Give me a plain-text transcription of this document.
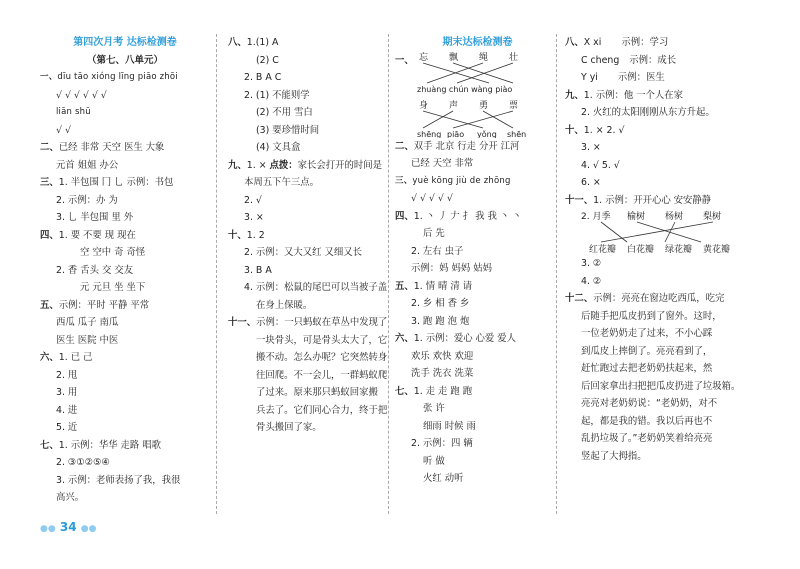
第四次月考 达标检测卷
（第七、八单元）
一、dīu tāo xióng līng piāo zhōi
√ √ √ √ √ √
liān shū
√ √
二、已经 非常 天空 医生 大象
元首 姐姐 办公
三、1. 半包围 冂 乚 示例：书包
2. 示例：办 为
3. 乚 半包围 里 外
四、1. 要 不要 现 现在
空 空中 奇 奇怪
2. 香 舌头 交 交友
元 元旦 坐 坐下
五、示例：平时 平静 平常
西瓜 瓜子 南瓜
医生 医院 中医
六、1. 已 己
2. 甩
3. 用
4. 进
5. 近
七、1. 示例：华华 走路 唱歌
2. ③①②⑤④
3. 示例：老师表扬了我，我很
高兴。
八、1.(1) A
(2) C
2. B A C
2. (1) 不能则学
(2) 不用 雪白
(3) 要珍惜时间
(4) 文具盒
九、1. × 点拨：家长会打开的时间是
本周五下午三点。
2. √
3. ×
十、1. 2
2. 示例：又大又红 又细又长
3. B A
4. 示例：松鼠的尾巴可以当被子盖
在身上保暖。
十一、示例：一只蚂蚁在草丛中发现了
一块骨头，可是骨头太大了，它
搬不动。怎么办呢？它突然转身
往回爬。不一会儿，一群蚂蚁爬
了过来。原来那只蚂蚁回家搬
兵去了。它们同心合力，终于把
骨头搬回了家。
期末达标检测卷
一、 忘 飘 绳 壮
zhuàng chún wàng piào
身 声 勇 票
shēng piāo yǒng shēn
二、双手 北京 行走 分开 江河
已经 天空 非常
三、yuè kōng jiù de zhōng
√ √ √ √ √
四、1. 丶 丿 𠂇 扌 我 我 丶 丶
后 先
2. 左右 虫子
示例：妈 妈妈 姑妈
五、1. 情 晴 清 请
2. 乡 相 香 乡
3. 跑 跑 泡 炮
六、1. 示例：爱心 心爱 爱人
欢乐 欢快 欢迎
洗手 洗衣 洗菜
七、1. 走 走 跑 跑
张 许
细雨 时候 雨
2. 示例：四 辆
听 做
火红 动听
八、X xi 示例：学习
C cheng 示例：成长
Y yi 示例：医生
九、1. 示例：他 一个人在家
2. 火红的太阳刚刚从东方升起。
十、1. × 2. √
3. ×
4. √ 5. √
6. ×
十一、1. 示例：开开心心 安安静静
2. 月季 榆树 杨树 梨树
红花瓣 白花瓣 绿花瓣 黄花瓣
3. ②
4. ②
十二、示例：亮亮在窗边吃西瓜，吃完
后随手把瓜皮扔到了窗外。这时，
一位老奶奶走了过来，不小心踩
到瓜皮上摔倒了。亮亮看到了，
赶忙跑过去把老奶奶扶起来，然
后回家拿出扫把把瓜皮扔进了垃圾箱。
亮亮对老奶奶说：“老奶奶，对不
起，都是我的错。我以后再也不
乱扔垃圾了。”老奶奶笑着给亮亮
竖起了大拇指。
●● 34 ●●
